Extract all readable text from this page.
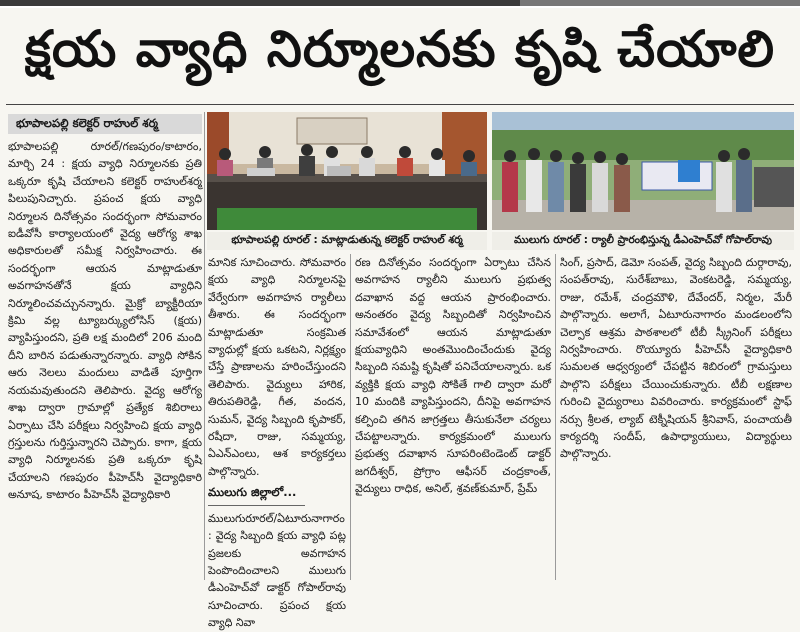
క్షయ వ్యాధి నిర్మూలనకు కృషి చేయాలి
భూపాలపల్లి కలెక్టర్‌ రాహుల్‌ శర్మ

భూపాలపల్లి రూరల్‌/గణపురం/కాటారం, మార్చి 24 : క్షయ వ్యాధి నిర్మూలనకు ప్రతి ఒక్కరూ కృషి చేయాలని కలెక్టర్‌ రాహుల్‌శర్మ పిలుపునిచ్చారు. ప్రపంచ క్షయ వ్యాధి నిర్మూలన దినోత్సవం సందర్భంగా సోమవారం ఐడీవోసీ కార్యాలయంలో వైద్య ఆరోగ్య శాఖ అధికారులతో సమీక్ష నిర్వహించారు. ఈ సందర్భంగా ఆయన మాట్లాడుతూ అవగాహనతోనే క్షయ వ్యాధిని నిర్మూలించవచ్చునన్నారు. మైక్రో బ్యాక్టీరియా క్రిమి వల్ల ట్యూబర్క్యులోసిస్‌ (క్షయ) వ్యాపిస్తుందని, ప్రతి లక్ష మందిలో 206 మంది దీని బారిన పడుతున్నారన్నారు. వ్యాధి సోకిన ఆరు నెలలు మందులు వాడితే పూర్తిగా నయమవుతుందని తెలిపారు. వైద్య ఆరోగ్య శాఖ ద్వారా గ్రామాల్లో ప్రత్యేక శిబిరాలు ఏర్పాటు చేసి పరీక్షలు నిర్వహించి క్షయ వ్యాధి గ్రస్తులను గుర్తిస్తున్నారని చెప్పారు. కాగా, క్షయ వ్యాధి నిర్మూలనకు ప్రతి ఒక్కరూ కృషి చేయాలని గణపురం పీహెచ్‌సీ వైద్యాధికారి అనూష, కాటారం పీహెచ్‌సీ వైద్యాధికారి

భూపాలపల్లి రూరల్‌ : మాట్లాడుతున్న కలెక్టర్‌ రాహుల్‌ శర్మ	ములుగు రూరల్‌ : ర్యాలీ ప్రారంభిస్తున్న డీఎంహెచ్‌వో గోపాల్‌రావు

మానిక సూచించారు. సోమవారం క్షయ వ్యాధి నిర్మూలనపై వేర్వేరుగా అవగాహన ర్యాలీలు తీశారు. ఈ సందర్భంగా మాట్లాడుతూ సంక్రమిత వ్యాధుల్లో క్షయ ఒకటని, నిర్లక్ష్యం చేస్తే ప్రాణాలను హరించేస్తుందని తెలిపారు. వైద్యులు హారిక, తిరుపతిరెడ్డి, గీత, వందన, సుమన్‌, వైద్య సిబ్బంది కృపాకర్‌, రషీదా, రాజు, సమ్మయ్య, ఏఎన్‌ఎంలు, ఆశ కార్యకర్తలు పాల్గొన్నారు.

ములుగు జిల్లాలో...

ములుగురూరల్‌/ఏటూరునాగారం : వైద్య సిబ్బంది క్షయ వ్యాధి పట్ల ప్రజలకు అవగాహన పెంపొందించాలని ములుగు డీఎంహెచ్‌వో డాక్టర్‌ గోపాల్‌రావు సూచించారు. ప్రపంచ క్షయ వ్యాధి నివా

రణ దినోత్సవం సందర్భంగా ఏర్పాటు చేసిన అవగాహన ర్యాలీని ములుగు ప్రభుత్వ దవాఖాన వద్ద ఆయన ప్రారంభించారు. అనంతరం వైద్య సిబ్బందితో నిర్వహించిన సమావేశంలో ఆయన మాట్లాడుతూ క్షయవ్యాధిని అంతమొందించేందుకు వైద్య సిబ్బంది సమష్టి కృషితో పనిచేయాలన్నారు. ఒక వ్యక్తికి క్షయ వ్యాధి సోకితే గాలి ద్వారా మరో 10 మందికి వ్యాపిస్తుందని, దీనిపై అవగాహన కల్పించి తగిన జాగ్రత్తలు తీసుకునేలా చర్యలు చేపట్టాలన్నారు. కార్యక్రమంలో ములుగు ప్రభుత్వ దవాఖాన సూపరింటెండెంట్‌ డాక్టర్‌ జగదీశ్వర్‌, ప్రోగ్రాం ఆఫీసర్‌ చంద్రకాంత్‌, వైద్యులు రాధిక, అనిల్‌, శ్రవణ్‌కుమార్‌, ప్రేమ్‌

సింగ్‌, ప్రసాద్‌, డెమో సంపత్‌, వైద్య సిబ్బంది దుర్గారావు, సంపత్‌రావు, సురేశ్‌బాబు, వెంకటరెడ్డి, సమ్మయ్య, రాజు, రమేశ్‌, చంద్రమౌళి, దేవేందర్‌, నిర్మల, మేరీ పాల్గొన్నారు. అలాగే, ఏటూరునాగారం మండలంలోని చెల్పాక ఆశ్రమ పాఠశాలలో టీబీ స్క్రీనింగ్‌ పరీక్షలు నిర్వహించారు. రొయ్యూరు పీహెచ్‌సీ వైద్యాధికారి సుమలత ఆధ్వర్యంలో చేపట్టిన శిబిరంలో గ్రామస్తులు పాల్గొని పరీక్షలు చేయించుకున్నారు. టీబీ లక్షణాల గురించి వైద్యురాలు వివరించారు. కార్యక్రమంలో స్టాఫ్‌ నర్సు శ్రీలత, ల్యాబ్‌ టెక్నీషియన్‌ శ్రీనివాస్‌, పంచాయతీ కార్యదర్శి సందీప్‌, ఉపాధ్యాయులు, విద్యార్థులు పాల్గొన్నారు.
